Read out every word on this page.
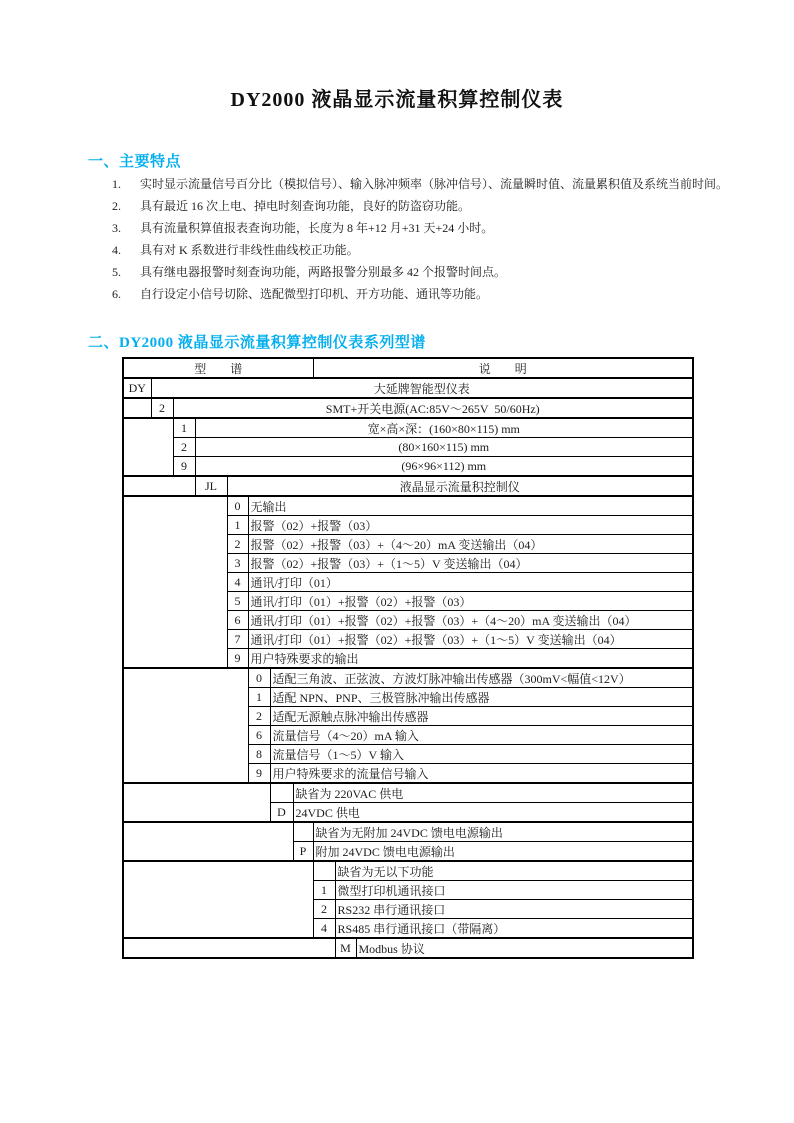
DY2000 液晶显示流量积算控制仪表
一、主要特点
1.	实时显示流量信号百分比（模拟信号）、输入脉冲频率（脉冲信号）、流量瞬时值、流量累积值及系统当前时间。
2.	具有最近 16 次上电、掉电时刻查询功能，良好的防盗窃功能。
3.	具有流量积算值报表查询功能，长度为 8 年+12 月+31 天+24 小时。
4.	具有对 K 系数进行非线性曲线校正功能。
5.	具有继电器报警时刻查询功能，两路报警分别最多 42 个报警时间点。
6.	自行设定小信号切除、选配微型打印机、开方功能、通讯等功能。
二、DY2000 液晶显示流量积算控制仪表系列型谱
型　　谱								说　　明		
DY	大延牌智能型仪表									
	2	SMT+开关电源(AC:85V～265V  50/60Hz)								
		1	宽×高×深：(160×80×115) mm							
		2	(80×160×115) mm							
		9	(96×96×112) mm							
			JL	液晶显示流量积控制仪						
				0	无输出					
				1	报警（02）+报警（03）					
				2	报警（02）+报警（03）+（4～20）mA 变送输出（04）					
				3	报警（02）+报警（03）+（1～5）V 变送输出（04）					
				4	通讯/打印（01）					
				5	通讯/打印（01）+报警（02）+报警（03）					
				6	通讯/打印（01）+报警（02）+报警（03）+（4～20）mA 变送输出（04）					
				7	通讯/打印（01）+报警（02）+报警（03）+（1～5）V 变送输出（04）					
				9	用户特殊要求的输出					
					0	适配三角波、正弦波、方波灯脉冲输出传感器（300mV<幅值<12V）				
					1	适配 NPN、PNP、三极管脉冲输出传感器				
					2	适配无源触点脉冲输出传感器				
					6	流量信号（4～20）mA 输入				
					8	流量信号（1～5）V 输入				
					9	用户特殊要求的流量信号输入				
							缺省为 220VAC 供电			
						D	24VDC 供电			
								缺省为无附加 24VDC 馈电电源输出		
							P	附加 24VDC 馈电电源输出		
									缺省为无以下功能	
								1	微型打印机通讯接口	
								2	RS232 串行通讯接口	
								4	RS485 串行通讯接口（带隔离）	
									M	Modbus 协议
